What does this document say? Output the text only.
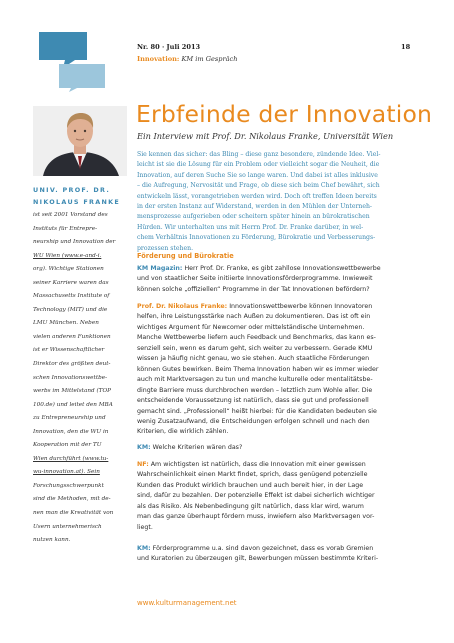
Nr. 80 · Juli 2013	18
Innovation: KM im Gespräch
Erbfeinde der Innovation
Ein Interview mit Prof. Dr. Nikolaus Franke, Universität Wien
UNIV. PROF. DR.
NIKOLAUS FRANKE
ist seit 2001 Vorstand des
Instituts für Entrepre-
neurship und Innovation der
WU Wien (www.e-and-i.
org). Wichtige Stationen
seiner Karriere waren das
Massachusetts Institute of
Technology (MIT) und die
LMU München. Neben
vielen anderen Funktionen
ist er Wissenschaftlicher
Direktor des größten deut-
schen Innovationswettbe-
werbs im Mittelstand (TOP
100.de) und leitet den MBA
zu Entrepreneurship und
Innovation, den die WU in
Kooperation mit der TU
Wien durchführt (www.tu-
wu-innovation.at). Sein
Forschungsschwerpunkt
sind die Methoden, mit de-
nen man die Kreativität von
Usern unternehmerisch
nutzen kann.
Sie kennen das sicher: das Bling – diese ganz besondere, zündende Idee. Viel-
leicht ist sie die Lösung für ein Problem oder vielleicht sogar die Neuheit, die
Innovation, auf deren Suche Sie so lange waren. Und dabei ist alles inklusive
– die Aufregung, Nervosität und Frage, ob diese sich beim Chef bewährt, sich
entwickeln lässt, vorangetrieben werden wird. Doch oft treffen Ideen bereits
in der ersten Instanz auf Widerstand, werden in den Mühlen der Unterneh-
mensprozesse aufgerieben oder scheitern später hinein an bürokratischen
Hürden. Wir unterhalten uns mit Herrn Prof. Dr. Franke darüber, in wel-
chem Verhältnis Innovationen zu Förderung, Bürokratie und Verbesserungs-
prozessen stehen.
Förderung und Bürokratie
KM Magazin: Herr Prof. Dr. Franke, es gibt zahllose Innovationswettbewerbe
und von staatlicher Seite initiierte Innovationsförderprogramme. Inwieweit
können solche „offiziellen“ Programme in der Tat Innovationen befördern?
Prof. Dr. Nikolaus Franke: Innovationswettbewerbe können Innovatoren
helfen, ihre Leistungsstärke nach Außen zu dokumentieren. Das ist oft ein
wichtiges Argument für Newcomer oder mittelständische Unternehmen.
Manche Wettbewerbe liefern auch Feedback und Benchmarks, das kann es-
senziell sein, wenn es darum geht, sich weiter zu verbessern. Gerade KMU
wissen ja häufig nicht genau, wo sie stehen. Auch staatliche Förderungen
können Gutes bewirken. Beim Thema Innovation haben wir es immer wieder
auch mit Marktversagen zu tun und manche kulturelle oder mentalitätsbe-
dingte Barriere muss durchbrochen werden – letztlich zum Wohle aller. Die
entscheidende Voraussetzung ist natürlich, dass sie gut und professionell
gemacht sind. „Professionell“ heißt hierbei: für die Kandidaten bedeuten sie
wenig Zusatzaufwand, die Entscheidungen erfolgen schnell und nach den
Kriterien, die wirklich zählen.
KM: Welche Kriterien wären das?
NF: Am wichtigsten ist natürlich, dass die Innovation mit einer gewissen
Wahrscheinlichkeit einen Markt findet, sprich, dass genügend potenzielle
Kunden das Produkt wirklich brauchen und auch bereit hier, in der Lage
sind, dafür zu bezahlen. Der potenzielle Effekt ist dabei sicherlich wichtiger
als das Risiko. Als Nebenbedingung gilt natürlich, dass klar wird, warum
man das ganze überhaupt fördern muss, inwiefern also Marktversagen vor-
liegt.
KM: Förderprogramme u.a. sind davon gezeichnet, dass es vorab Gremien
und Kuratorien zu überzeugen gilt, Bewerbungen müssen bestimmte Kriteri-
www.kulturmanagement.net
